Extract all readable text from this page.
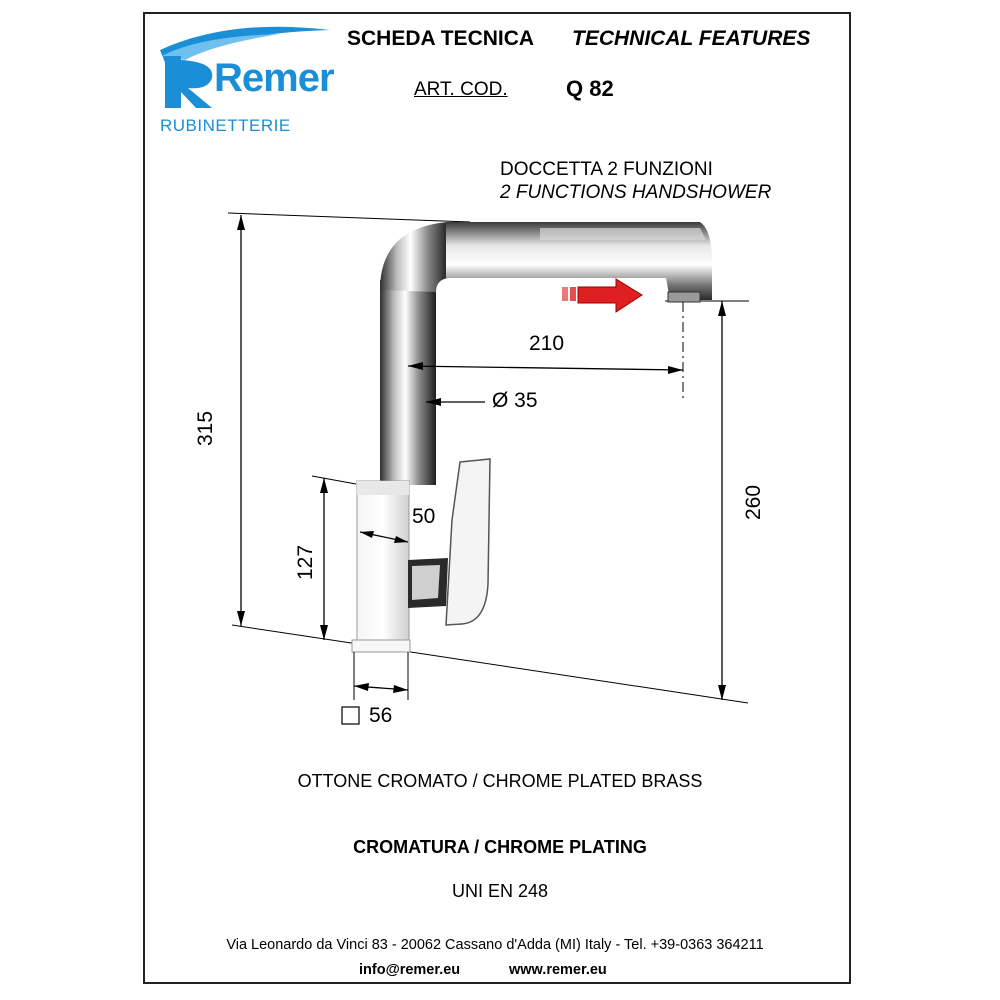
Remer
RUBINETTERIE
SCHEDA TECNICA TECHNICAL FEATURES
ART. COD.	Q 82
DOCCETTA 2 FUNZIONI
2 FUNCTIONS HANDSHOWER
315
210
Ø 35
260
50
127
56
OTTONE CROMATO / CHROME PLATED BRASS
CROMATURA / CHROME PLATING
UNI EN 248
Via Leonardo da Vinci 83 - 20062 Cassano d'Adda (MI) Italy - Tel. +39-0363 364211
info@remer.eu	www.remer.eu
